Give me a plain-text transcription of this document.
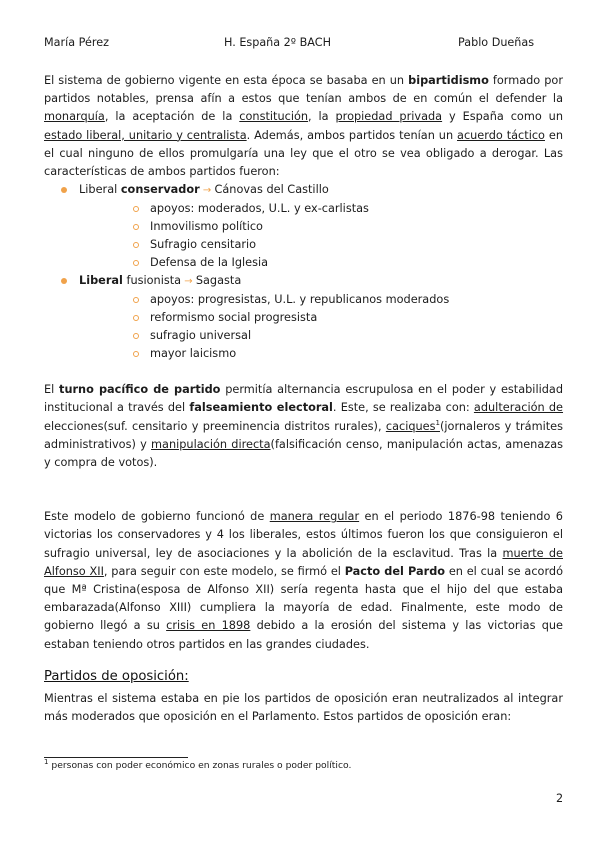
María Pérez	H. España 2º BACH	Pablo Dueñas

El sistema de gobierno vigente en esta época se basaba en un bipartidismo formado por partidos notables, prensa afín a estos que tenían ambos de en común el defender la monarquía, la aceptación de la constitución, la propiedad privada y España como un estado liberal, unitario y centralista. Además, ambos partidos tenían un acuerdo táctico en el cual ninguno de ellos promulgaría una ley que el otro se vea obligado a derogar. Las características de ambos partidos fueron:

Liberal conservador → Cánovas del Castillo
apoyos: moderados, U.L. y ex-carlistas
Inmovilismo político
Sufragio censitario
Defensa de la Iglesia
Liberal fusionista → Sagasta
apoyos: progresistas, U.L. y republicanos moderados
reformismo social progresista
sufragio universal
mayor laicismo

El turno pacífico de partido permitía alternancia escrupulosa en el poder y estabilidad institucional a través del falseamiento electoral. Este, se realizaba con: adulteración de elecciones(suf. censitario y preeminencia distritos rurales), caciques$^1$(jornaleros y trámites administrativos) y manipulación directa(falsificación censo, manipulación actas, amenazas y compra de votos).

Este modelo de gobierno funcionó de manera regular en el periodo 1876-98 teniendo 6 victorias los conservadores y 4 los liberales, estos últimos fueron los que consiguieron el sufragio universal, ley de asociaciones y la abolición de la esclavitud. Tras la muerte de Alfonso XII, para seguir con este modelo, se firmó el Pacto del Pardo en el cual se acordó que Mª Cristina(esposa de Alfonso XII) sería regenta hasta que el hijo del que estaba embarazada(Alfonso XIII) cumpliera la mayoría de edad. Finalmente, este modo de gobierno llegó a su crisis en 1898 debido a la erosión del sistema y las victorias que estaban teniendo otros partidos en las grandes ciudades.

Partidos de oposición:

Mientras el sistema estaba en pie los partidos de oposición eran neutralizados al integrar más moderados que oposición en el Parlamento. Estos partidos de oposición eran:

$^1$ personas con poder económico en zonas rurales o poder político.
2
